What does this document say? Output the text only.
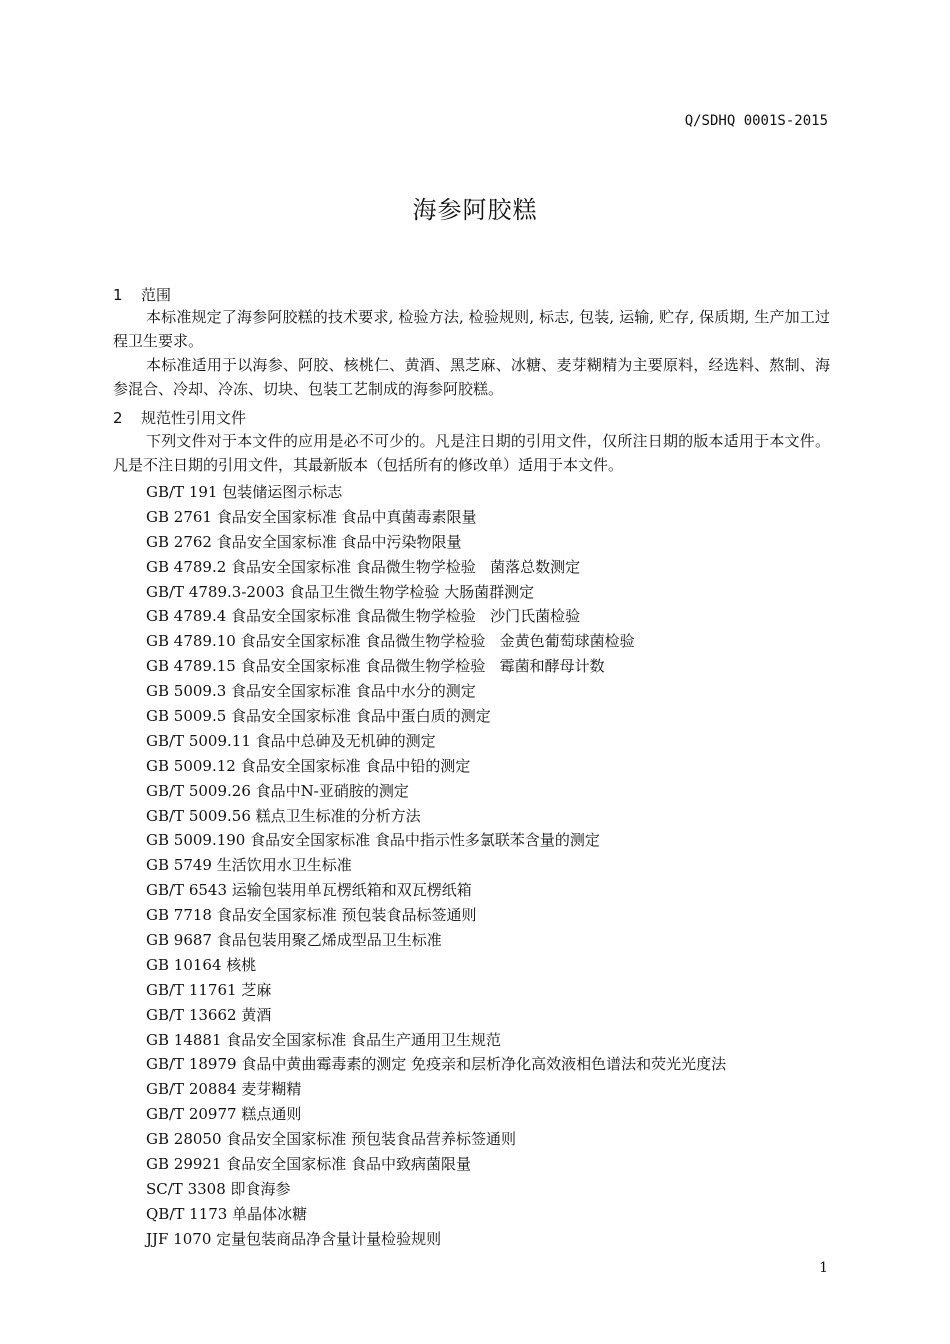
Q/SDHQ 0001S-2015
海参阿胶糕
1 范围
本标准规定了海参阿胶糕的技术要求, 检验方法, 检验规则, 标志, 包装, 运输, 贮存, 保质期, 生产加工过程卫生要求。
本标准适用于以海参、阿胶、核桃仁、黄酒、黑芝麻、冰糖、麦芽糊精为主要原料，经选料、熬制、海参混合、冷却、冷冻、切块、包装工艺制成的海参阿胶糕。
2 规范性引用文件
下列文件对于本文件的应用是必不可少的。凡是注日期的引用文件，仅所注日期的版本适用于本文件。凡是不注日期的引用文件，其最新版本（包括所有的修改单）适用于本文件。
GB/T 191 包装储运图示标志
GB 2761 食品安全国家标准 食品中真菌毒素限量
GB 2762 食品安全国家标准 食品中污染物限量
GB 4789.2 食品安全国家标准 食品微生物学检验   菌落总数测定
GB/T 4789.3-2003 食品卫生微生物学检验 大肠菌群测定
GB 4789.4 食品安全国家标准 食品微生物学检验   沙门氏菌检验
GB 4789.10 食品安全国家标准 食品微生物学检验   金黄色葡萄球菌检验
GB 4789.15 食品安全国家标准 食品微生物学检验   霉菌和酵母计数
GB 5009.3 食品安全国家标准 食品中水分的测定
GB 5009.5 食品安全国家标准 食品中蛋白质的测定
GB/T 5009.11 食品中总砷及无机砷的测定
GB 5009.12 食品安全国家标准 食品中铅的测定
GB/T 5009.26 食品中N-亚硝胺的测定
GB/T 5009.56 糕点卫生标准的分析方法
GB 5009.190 食品安全国家标准 食品中指示性多氯联苯含量的测定
GB 5749 生活饮用水卫生标准
GB/T 6543 运输包装用单瓦楞纸箱和双瓦楞纸箱
GB 7718 食品安全国家标准 预包装食品标签通则
GB 9687 食品包装用聚乙烯成型品卫生标准
GB 10164 核桃
GB/T 11761 芝麻
GB/T 13662 黄酒
GB 14881 食品安全国家标准 食品生产通用卫生规范
GB/T 18979 食品中黄曲霉毒素的测定 免疫亲和层析净化高效液相色谱法和荧光光度法
GB/T 20884 麦芽糊精
GB/T 20977 糕点通则
GB 28050 食品安全国家标准 预包装食品营养标签通则
GB 29921 食品安全国家标准 食品中致病菌限量
SC/T 3308 即食海参
QB/T 1173 单晶体冰糖
JJF 1070 定量包装商品净含量计量检验规则
1
